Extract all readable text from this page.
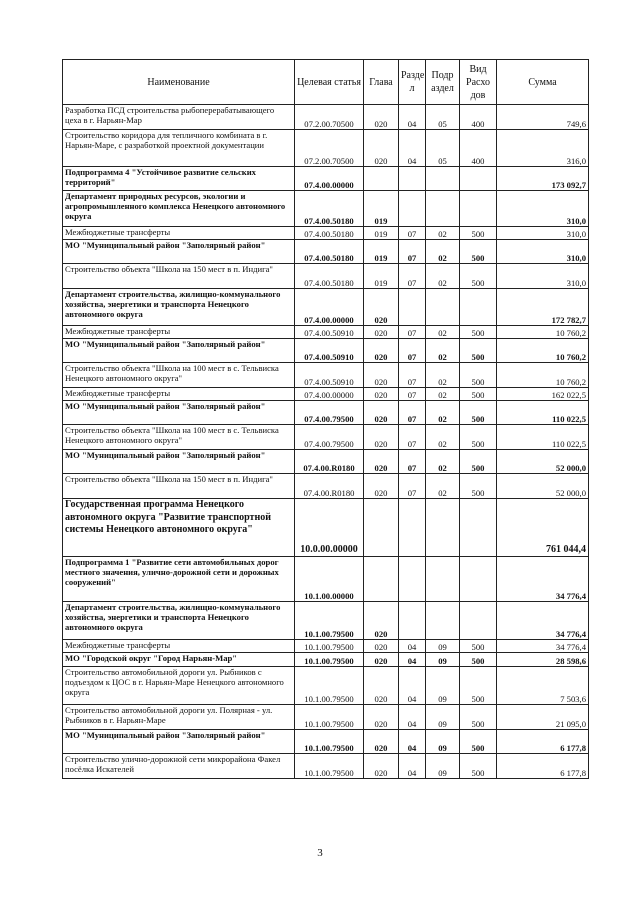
Наименование	Целевая статья	Глава	Разде л	Подр аздел	Вид Расхо дов	Сумма
Разработка ПСД строительства рыбоперерабатывающего цеха в г. Нарьян-Мар	07.2.00.70500	020	04	05	400	749,6
Строительство коридора для тепличного комбината в г. Нарьян-Маре, с разработкой проектной документации	07.2.00.70500	020	04	05	400	316,0
Подпрограмма 4 "Устойчивое развитие сельских территорий"	07.4.00.00000					173 092,7
Департамент природных ресурсов, экологии и агропромышленного комплекса Ненецкого автономного округа	07.4.00.50180	019				310,0
Межбюджетные трансферты	07.4.00.50180	019	07	02	500	310,0
МО "Муниципальный район "Заполярный район"	07.4.00.50180	019	07	02	500	310,0
Строительство объекта "Школа на 150 мест в п. Индига"	07.4.00.50180	019	07	02	500	310,0
Департамент строительства, жилищно-коммунального хозяйства, энергетики и транспорта Ненецкого автономного округа	07.4.00.00000	020				172 782,7
Межбюджетные трансферты	07.4.00.50910	020	07	02	500	10 760,2
МО "Муниципальный район "Заполярный район"	07.4.00.50910	020	07	02	500	10 760,2
Строительство объекта "Школа на 100 мест в с. Тельвиска Ненецкого автономного округа"	07.4.00.50910	020	07	02	500	10 760,2
Межбюджетные трансферты	07.4.00.00000	020	07	02	500	162 022,5
МО "Муниципальный район "Заполярный район"	07.4.00.79500	020	07	02	500	110 022,5
Строительство объекта "Школа на 100 мест в с. Тельвиска Ненецкого автономного округа"	07.4.00.79500	020	07	02	500	110 022,5
МО "Муниципальный район "Заполярный район"	07.4.00.R0180	020	07	02	500	52 000,0
Строительство объекта "Школа на 150 мест в п. Индига"	07.4.00.R0180	020	07	02	500	52 000,0
Государственная программа Ненецкого автономного округа "Развитие транспортной системы Ненецкого автономного округа"	10.0.00.00000					761 044,4
Подпрограмма 1 "Развитие сети автомобильных дорог местного значения, улично-дорожной сети и дорожных сооружений"	10.1.00.00000					34 776,4
Департамент строительства, жилищно-коммунального хозяйства, энергетики и транспорта Ненецкого автономного округа	10.1.00.79500	020				34 776,4
Межбюджетные трансферты	10.1.00.79500	020	04	09	500	34 776,4
МО "Городской округ "Город Нарьян-Мар"	10.1.00.79500	020	04	09	500	28 598,6
Строительство автомобильной дороги ул. Рыбников с подъездом к ЦОС в г. Нарьян-Маре Ненецкого автономного округа	10.1.00.79500	020	04	09	500	7 503,6
Строительство автомобильной дороги ул. Полярная - ул. Рыбников в г. Нарьян-Маре	10.1.00.79500	020	04	09	500	21 095,0
МО "Муниципальный район "Заполярный район"	10.1.00.79500	020	04	09	500	6 177,8
Строительство улично-дорожной сети микрорайона Факел посёлка Искателей	10.1.00.79500	020	04	09	500	6 177,8
3
